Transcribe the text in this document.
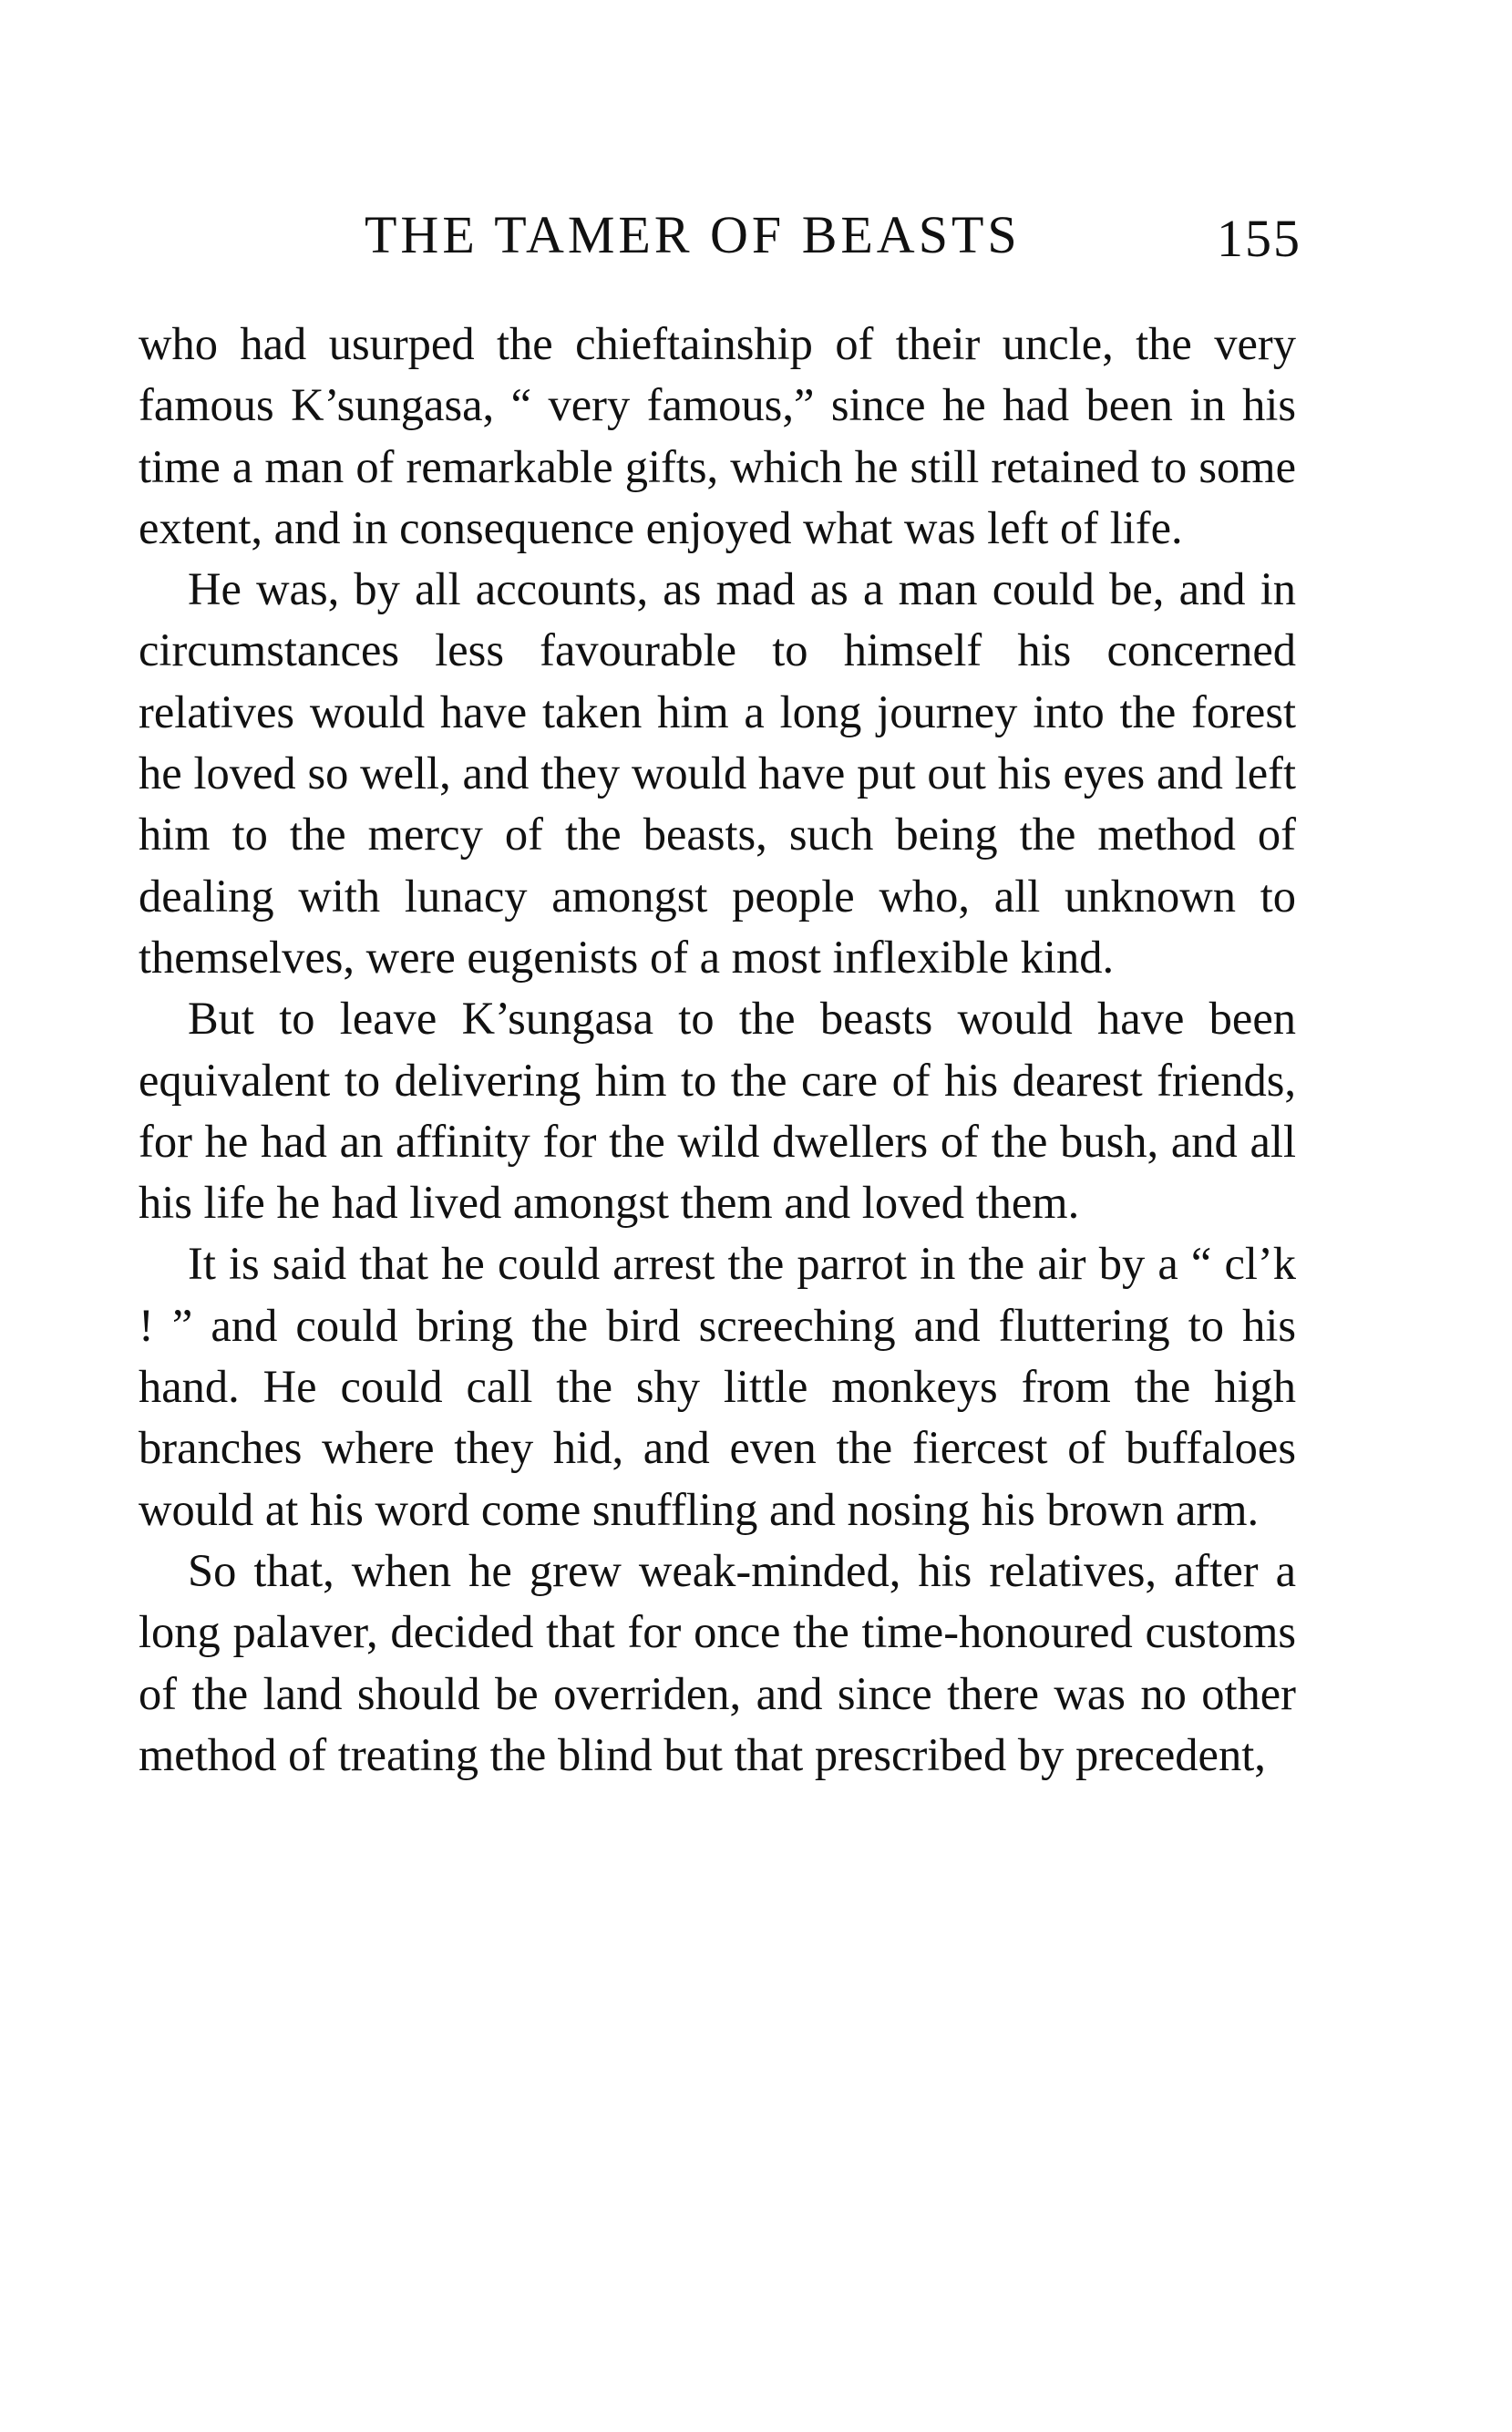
THE TAMER OF BEASTS	155

who had usurped the chieftainship of their uncle, the very famous K’sungasa, “ very famous,” since he had been in his time a man of remarkable gifts, which he still retained to some extent, and in consequence enjoyed what was left of life.

He was, by all accounts, as mad as a man could be, and in circumstances less favourable to himself his concerned relatives would have taken him a long journey into the forest he loved so well, and they would have put out his eyes and left him to the mercy of the beasts, such being the method of dealing with lunacy amongst people who, all unknown to themselves, were eugenists of a most inflexible kind.

But to leave K’sungasa to the beasts would have been equivalent to delivering him to the care of his dearest friends, for he had an affinity for the wild dwellers of the bush, and all his life he had lived amongst them and loved them.

It is said that he could arrest the parrot in the air by a “ cl’k ! ” and could bring the bird screeching and fluttering to his hand. He could call the shy little monkeys from the high branches where they hid, and even the fiercest of buffaloes would at his word come snuffling and nosing his brown arm.

So that, when he grew weak-minded, his relatives, after a long palaver, decided that for once the time-honoured customs of the land should be overriden, and since there was no other method of treating the blind but that prescribed by precedent,
